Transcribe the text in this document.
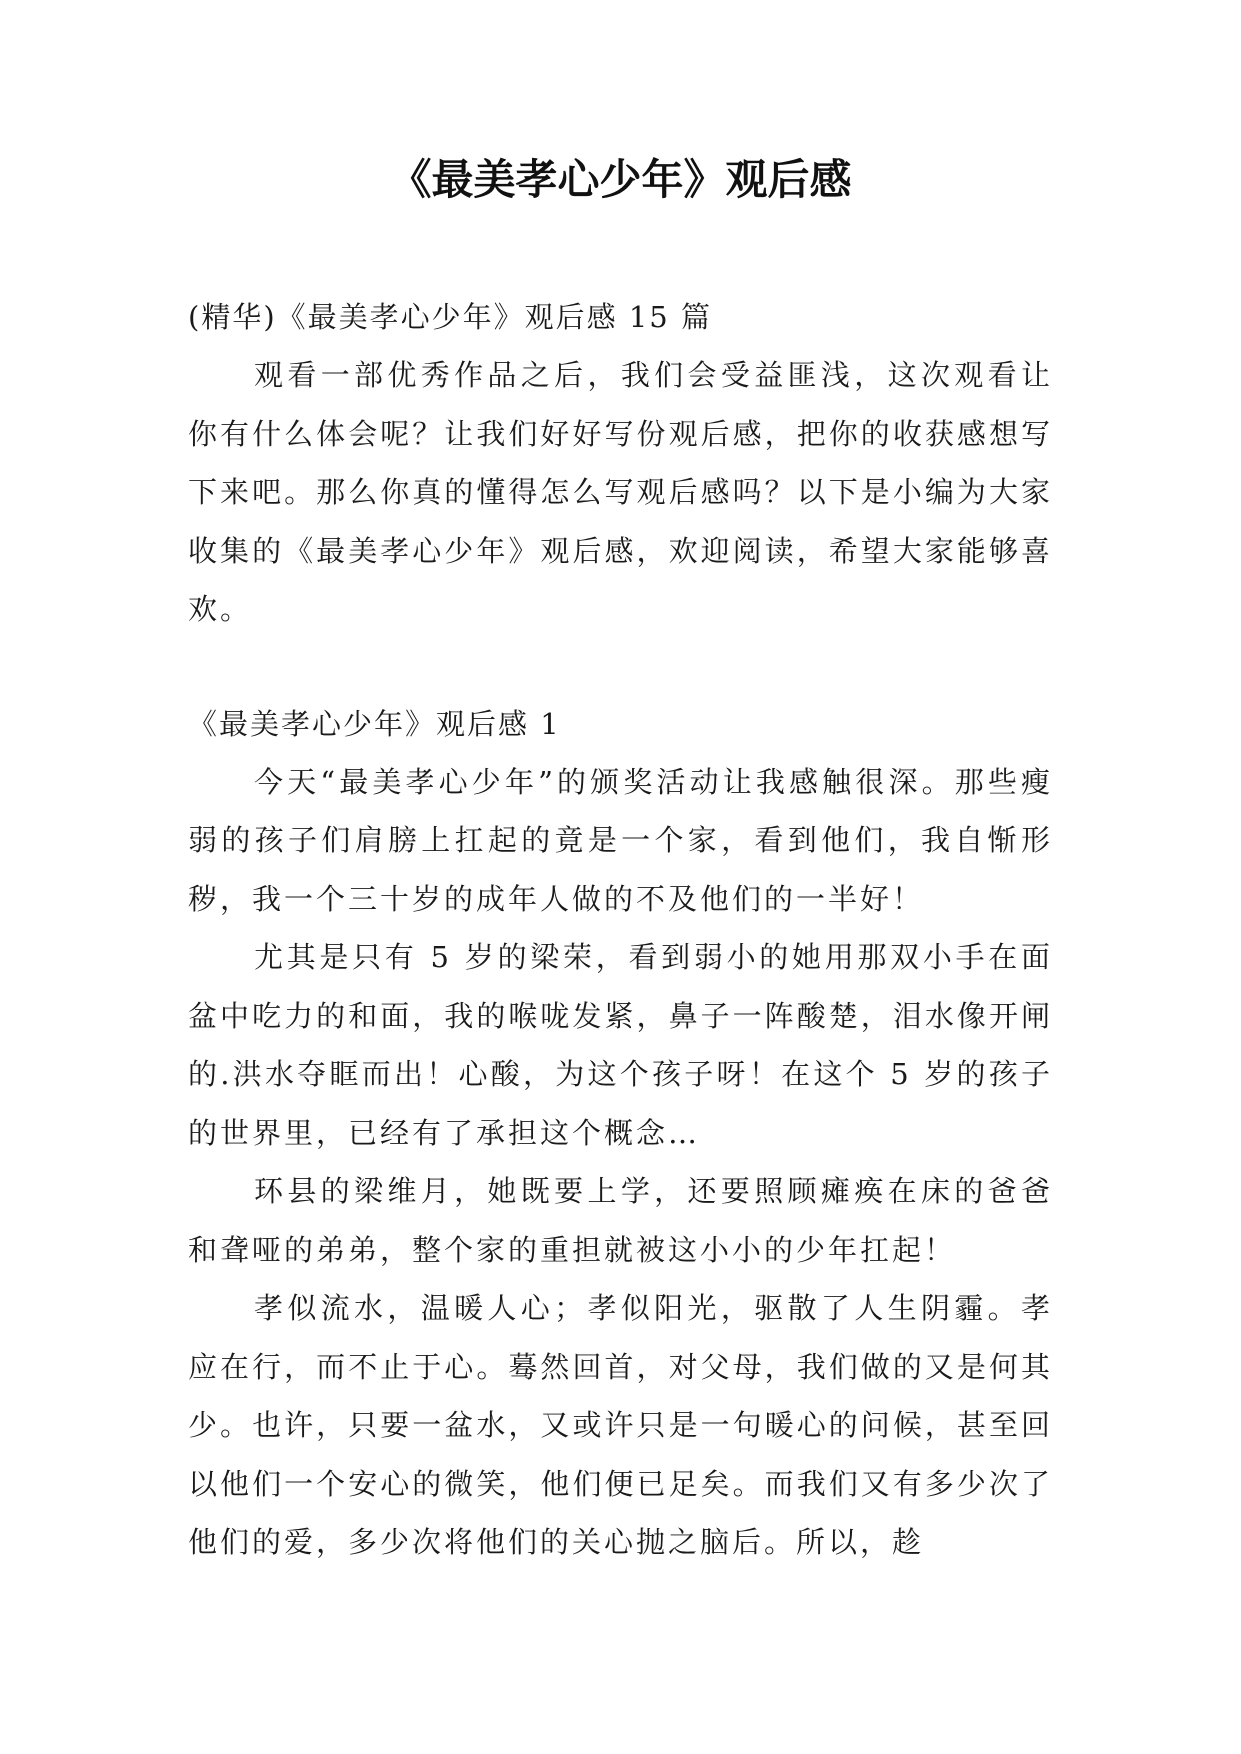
《最美孝心少年》观后感

(精华)《最美孝心少年》观后感 15 篇

观看一部优秀作品之后，我们会受益匪浅，这次观看让你有什么体会呢？让我们好好写份观后感，把你的收获感想写下来吧。那么你真的懂得怎么写观后感吗？以下是小编为大家收集的《最美孝心少年》观后感，欢迎阅读，希望大家能够喜欢。

《最美孝心少年》观后感 1

今天“最美孝心少年”的颁奖活动让我感触很深。那些瘦弱的孩子们肩膀上扛起的竟是一个家，看到他们，我自惭形秽，我一个三十岁的成年人做的不及他们的一半好！

尤其是只有 5 岁的梁荣，看到弱小的她用那双小手在面盆中吃力的和面，我的喉咙发紧，鼻子一阵酸楚，泪水像开闸的.洪水夺眶而出！心酸，为这个孩子呀！在这个 5 岁的孩子的世界里，已经有了承担这个概念…

环县的梁维月，她既要上学，还要照顾瘫痪在床的爸爸和聋哑的弟弟，整个家的重担就被这小小的少年扛起！

孝似流水，温暖人心；孝似阳光，驱散了人生阴霾。孝应在行，而不止于心。蓦然回首，对父母，我们做的又是何其少。也许，只要一盆水，又或许只是一句暖心的问候，甚至回以他们一个安心的微笑，他们便已足矣。而我们又有多少次了他们的爱，多少次将他们的关心抛之脑后。所以，趁
